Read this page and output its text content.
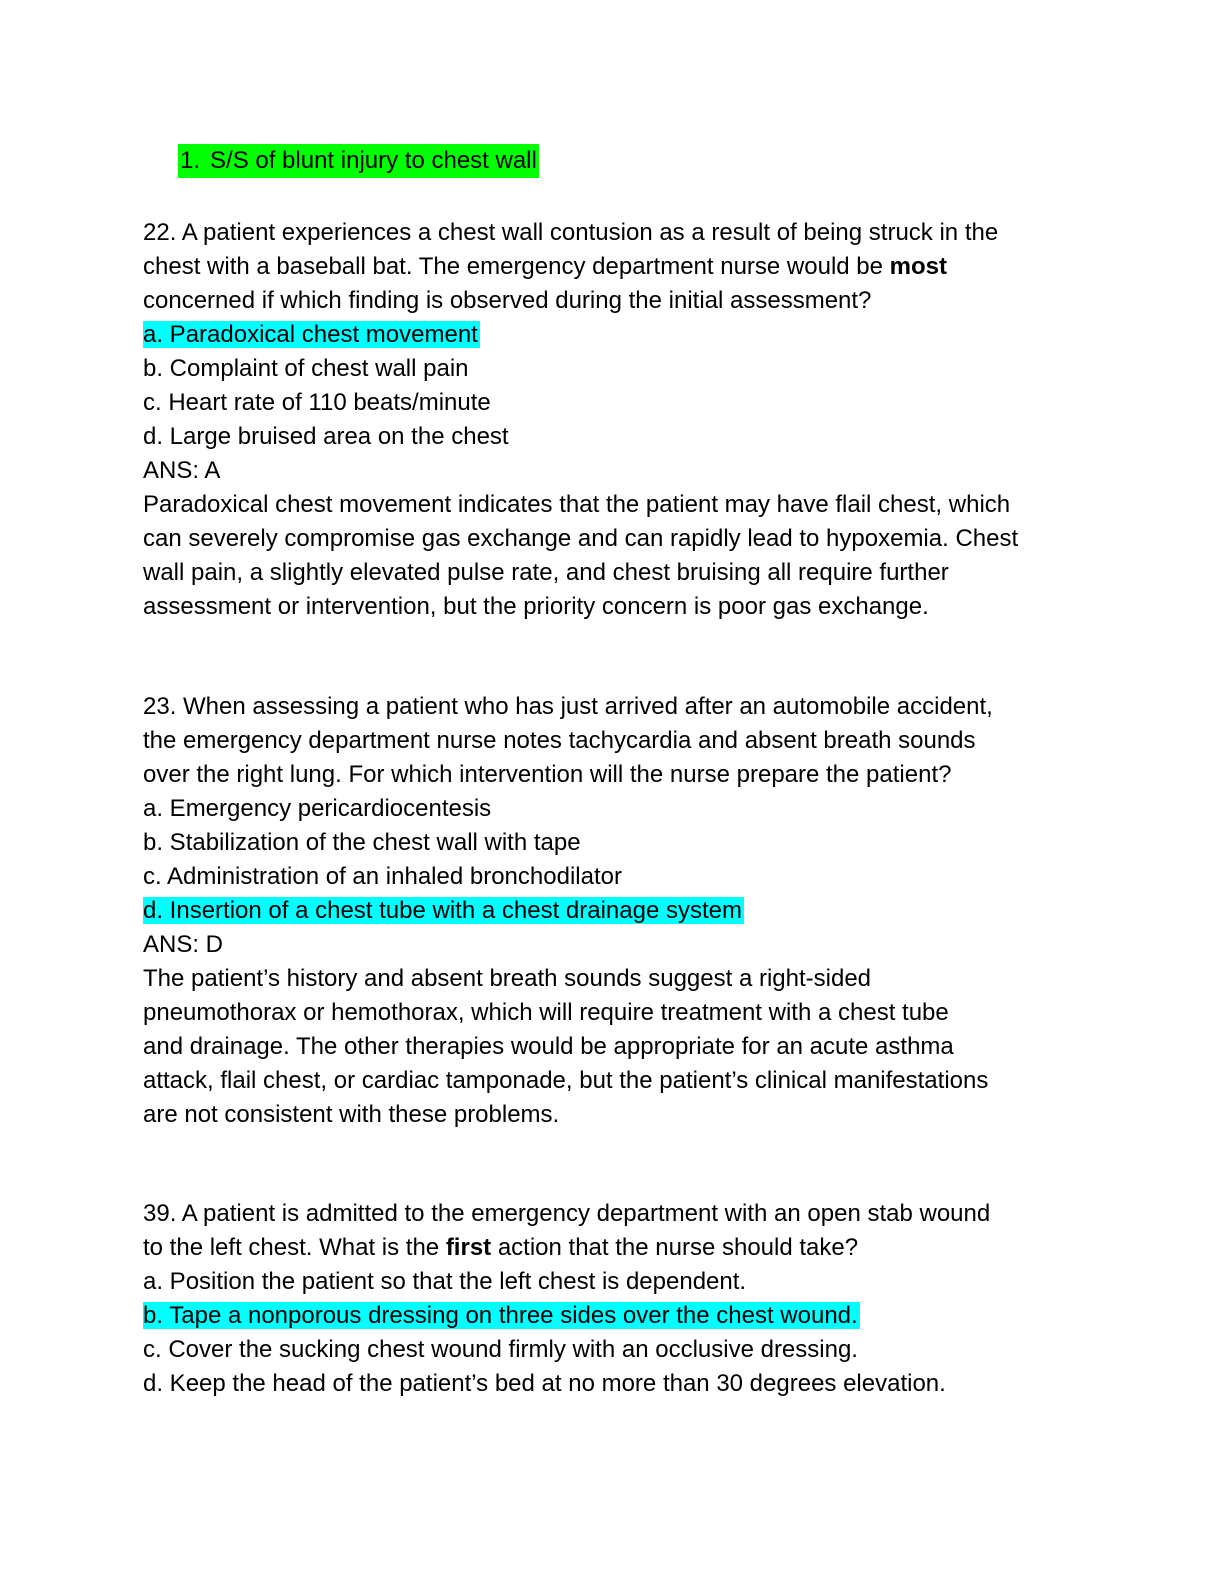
1. S/S of blunt injury to chest wall
22. A patient experiences a chest wall contusion as a result of being struck in the
chest with a baseball bat. The emergency department nurse would be most
concerned if which finding is observed during the initial assessment?
a. Paradoxical chest movement
b. Complaint of chest wall pain
c. Heart rate of 110 beats/minute
d. Large bruised area on the chest
ANS: A
Paradoxical chest movement indicates that the patient may have flail chest, which
can severely compromise gas exchange and can rapidly lead to hypoxemia. Chest
wall pain, a slightly elevated pulse rate, and chest bruising all require further
assessment or intervention, but the priority concern is poor gas exchange.
23. When assessing a patient who has just arrived after an automobile accident,
the emergency department nurse notes tachycardia and absent breath sounds
over the right lung. For which intervention will the nurse prepare the patient?
a. Emergency pericardiocentesis
b. Stabilization of the chest wall with tape
c. Administration of an inhaled bronchodilator
d. Insertion of a chest tube with a chest drainage system
ANS: D
The patient’s history and absent breath sounds suggest a right-sided
pneumothorax or hemothorax, which will require treatment with a chest tube
and drainage. The other therapies would be appropriate for an acute asthma
attack, flail chest, or cardiac tamponade, but the patient’s clinical manifestations
are not consistent with these problems.
39. A patient is admitted to the emergency department with an open stab wound
to the left chest. What is the first action that the nurse should take?
a. Position the patient so that the left chest is dependent.
b. Tape a nonporous dressing on three sides over the chest wound.
c. Cover the sucking chest wound firmly with an occlusive dressing.
d. Keep the head of the patient’s bed at no more than 30 degrees elevation.
